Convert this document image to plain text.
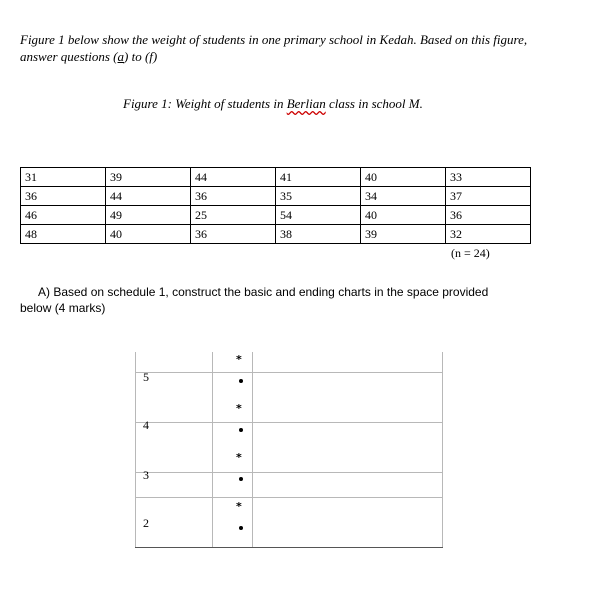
Figure 1 below show the weight of students in one primary school in Kedah. Based on this figure, answer questions (a) to (f)
Figure 1: Weight of students in Berlian class in school M.
31	39	44	41	40	33
36	44	36	35	34	37
46	49	25	54	40	36
48	40	36	38	39	32
(n = 24)
A) Based on schedule 1, construct the basic and ending charts in the space provided
below (4 marks)
5
4
3
2
*
*
*
*
